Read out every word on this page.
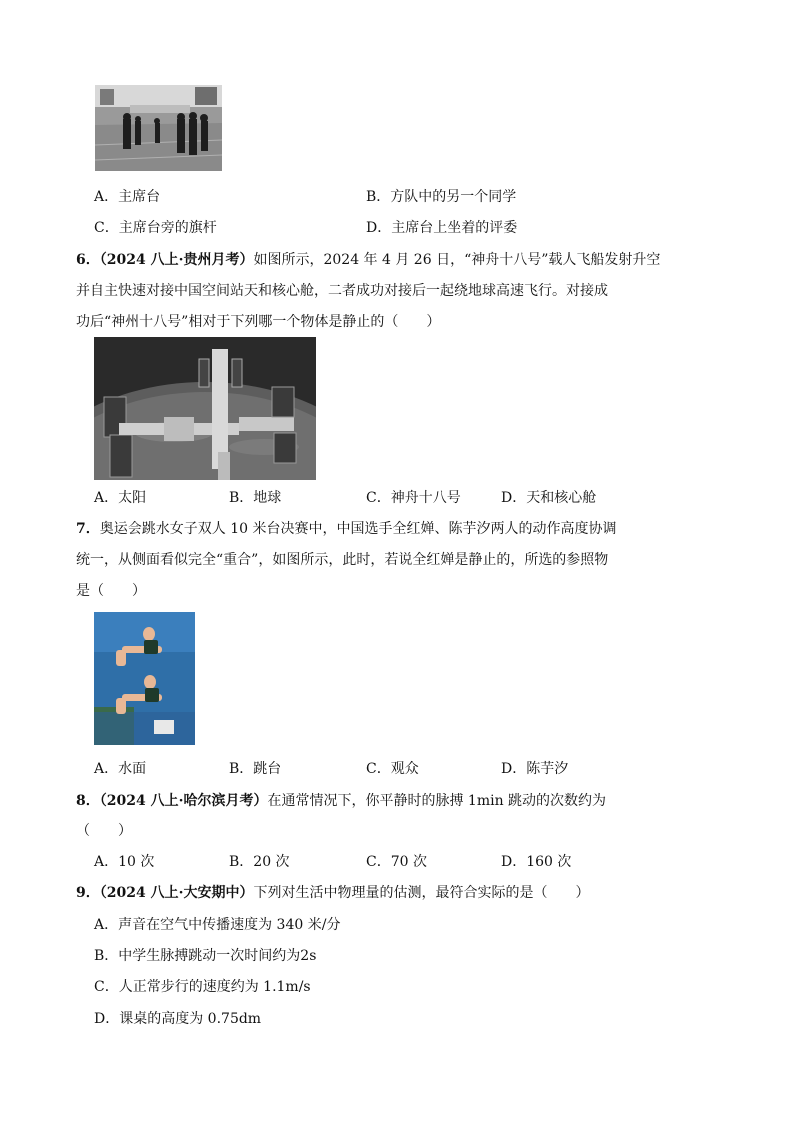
A．主席台	B．方队中的另一个同学
C．主席台旁的旗杆	D．主席台上坐着的评委
6．（2024 八上·贵州月考）如图所示，2024 年 4 月 26 日，“神舟十八号”载人飞船发射升空
并自主快速对接中国空间站天和核心舱，二者成功对接后一起绕地球高速飞行。对接成
功后“神州十八号”相对于下列哪一个物体是静止的（　　）
A．太阳	B．地球	C．神舟十八号	D．天和核心舱
7．奥运会跳水女子双人 10 米台决赛中，中国选手全红婵、陈芋汐两人的动作高度协调
统一，从侧面看似完全“重合”，如图所示，此时，若说全红婵是静止的，所选的参照物
是（　　）
A．水面	B．跳台	C．观众	D．陈芋汐
8．（2024 八上·哈尔滨月考）在通常情况下，你平静时的脉搏 1min 跳动的次数约为
（　　）
A．10 次	B．20 次	C．70 次	D．160 次
9．（2024 八上·大安期中）下列对生活中物理量的估测，最符合实际的是（　　）
A．声音在空气中传播速度为 340 米/分
B．中学生脉搏跳动一次时间约为2s
C．人正常步行的速度约为 1.1m/s
D．课桌的高度为 0.75dm
